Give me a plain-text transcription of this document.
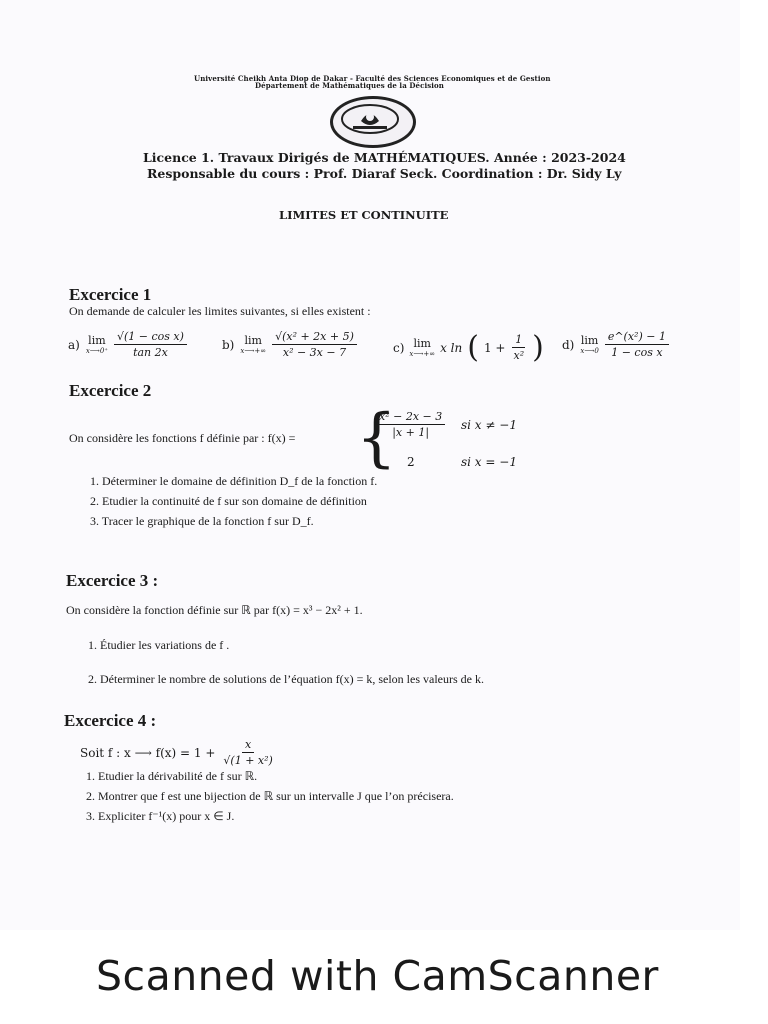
Université Cheikh Anta Diop de Dakar - Faculté des Sciences Economiques et de Gestion
Département de Mathématiques de la Décision
Licence 1. Travaux Dirigés de MATHÉMATIQUES. Année : 2023-2024
Responsable du cours : Prof. Diaraf Seck. Coordination : Dr. Sidy Ly
LIMITES ET CONTINUITE
Excercice 1
On demande de calculer les limites suivantes, si elles existent :
a) lim
x⟶0⁺ $\frac{\text{√(1 − cos x)}}{\tan 2x}$	b) lim
x⟶+∞ $\frac{\text{√(x² + 2x + 5)}}{\text{x² − 3x − 7}}$	c) lim
x⟶+∞ x ln ( $1 + \frac{1}{\text{x²}}$ ) d) lim
x⟶0 $\frac{\text{e\textasciicircum{}(x²) − 1}}{\text{1 − cos x}}$
Excercice 2
On considère les fonctions f définie par : f(x) = {
$\frac{\text{x² − 2x − 3}}{|x + 1|}$ si x ≠ −1
2	si x = −1
1. Déterminer le domaine de définition D_f de la fonction f.
2. Etudier la continuité de f sur son domaine de définition
3. Tracer le graphique de la fonction f sur D_f.
Excercice 3 :
On considère la fonction définie sur ℝ par f(x) = x³ − 2x² + 1.
1. Étudier les variations de f .
2. Déterminer le nombre de solutions de l’équation f(x) = k, selon les valeurs de k.
Excercice 4 :
Soit f : x ⟶ $f(x) = 1 + \frac{x}{\text{√(1 + x²)}}$
1. Etudier la dérivabilité de f sur ℝ.
2. Montrer que f est une bijection de ℝ sur un intervalle J que l’on précisera.
3. Expliciter f⁻¹(x) pour x ∈ J.
Scanned with CamScanner
